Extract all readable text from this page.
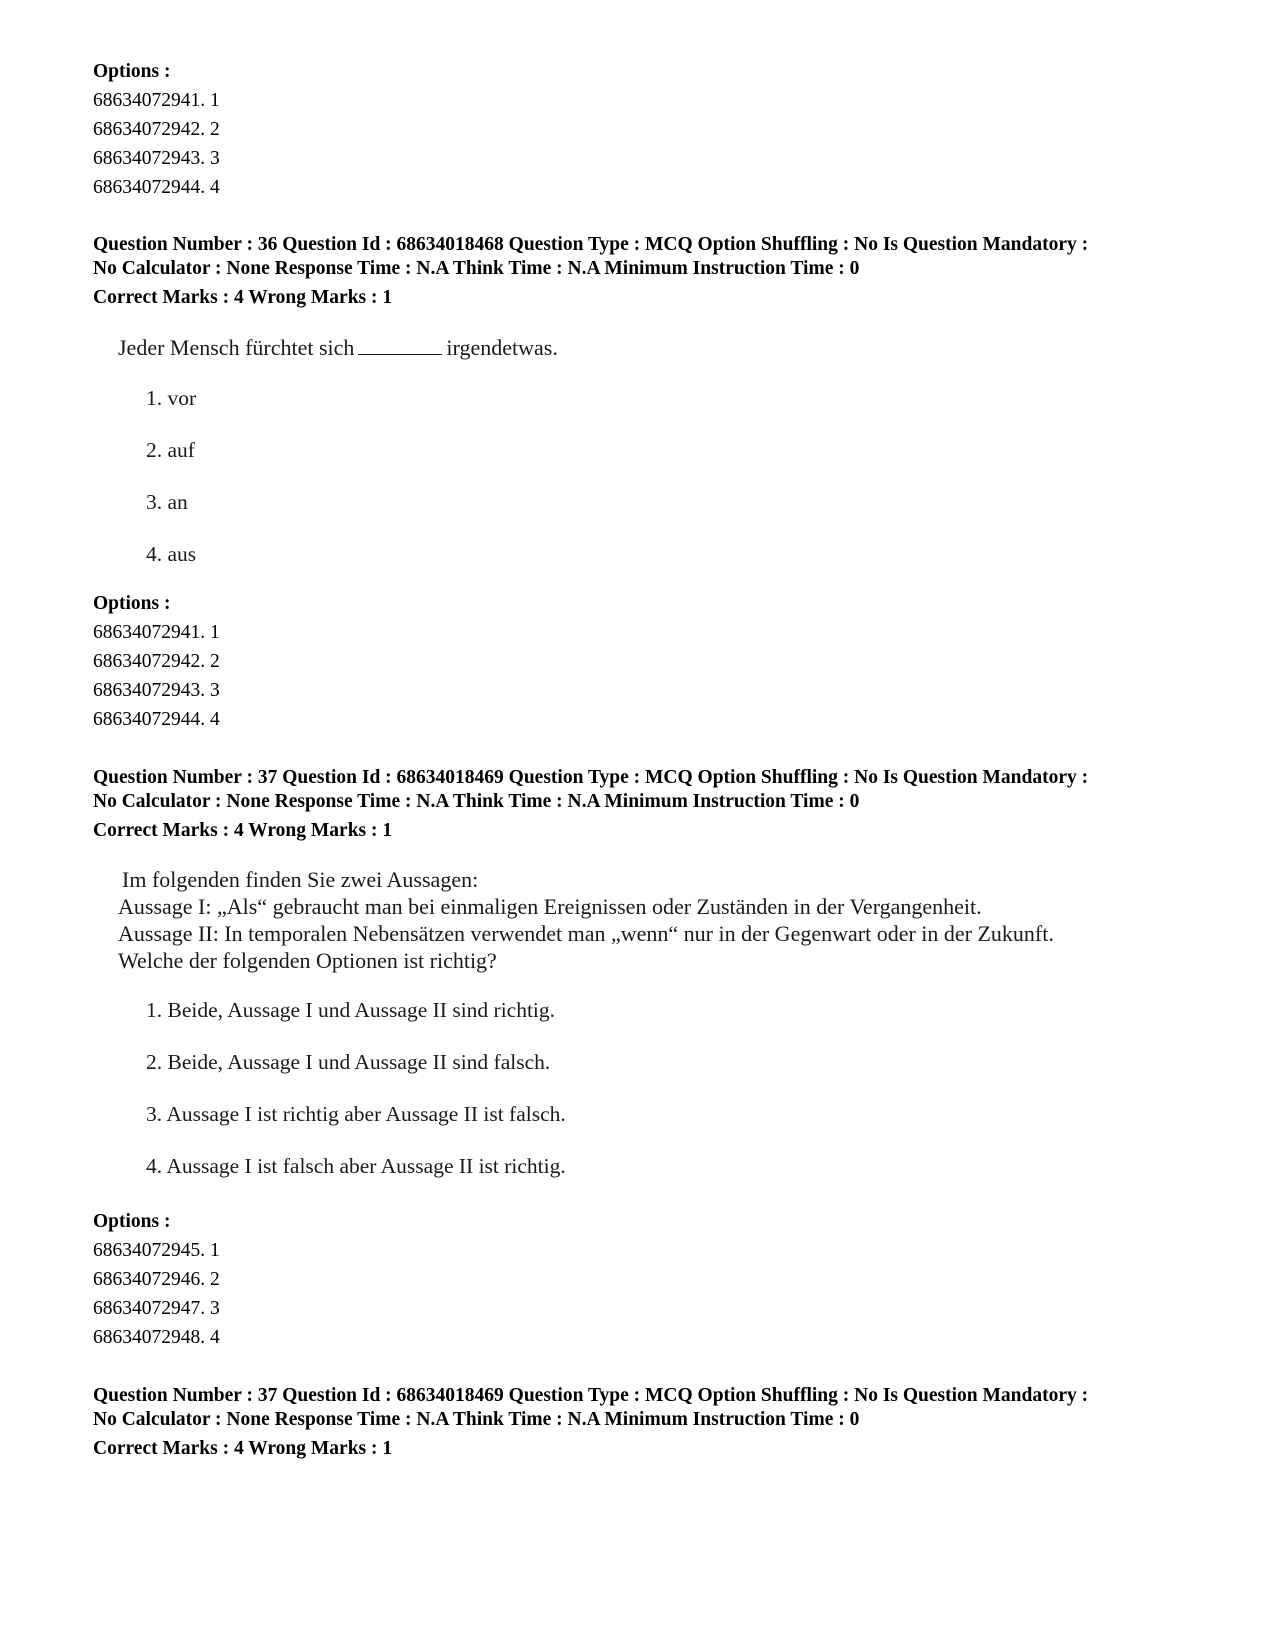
Options :
68634072941. 1
68634072942. 2
68634072943. 3
68634072944. 4
Question Number : 36 Question Id : 68634018468 Question Type : MCQ Option Shuffling : No Is Question Mandatory :
No Calculator : None Response Time : N.A Think Time : N.A Minimum Instruction Time : 0
Correct Marks : 4 Wrong Marks : 1
Jeder Mensch fürchtet sich	irgendetwas.
1. vor
2. auf
3. an
4. aus
Options :
68634072941. 1
68634072942. 2
68634072943. 3
68634072944. 4
Question Number : 37 Question Id : 68634018469 Question Type : MCQ Option Shuffling : No Is Question Mandatory :
No Calculator : None Response Time : N.A Think Time : N.A Minimum Instruction Time : 0
Correct Marks : 4 Wrong Marks : 1
Im folgenden finden Sie zwei Aussagen:
Aussage I: „Als“ gebraucht man bei einmaligen Ereignissen oder Zuständen in der Vergangenheit.
Aussage II: In temporalen Nebensätzen verwendet man „wenn“ nur in der Gegenwart oder in der Zukunft.
Welche der folgenden Optionen ist richtig?
1. Beide, Aussage I und Aussage II sind richtig.
2. Beide, Aussage I und Aussage II sind falsch.
3. Aussage I ist richtig aber Aussage II ist falsch.
4. Aussage I ist falsch aber Aussage II ist richtig.
Options :
68634072945. 1
68634072946. 2
68634072947. 3
68634072948. 4
Question Number : 37 Question Id : 68634018469 Question Type : MCQ Option Shuffling : No Is Question Mandatory :
No Calculator : None Response Time : N.A Think Time : N.A Minimum Instruction Time : 0
Correct Marks : 4 Wrong Marks : 1
